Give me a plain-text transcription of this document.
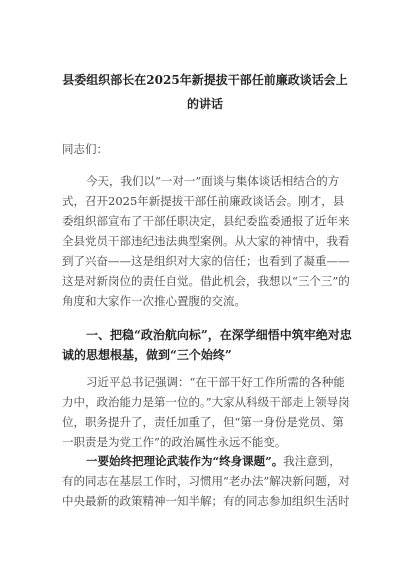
县委组织部长在2025年新提拔干部任前廉政谈话会上的讲话

同志们：

今天，我们以“一对一”面谈与集体谈话相结合的方式，召开2025年新提拔干部任前廉政谈话会。刚才，县委组织部宣布了干部任职决定，县纪委监委通报了近年来全县党员干部违纪违法典型案例。从大家的神情中，我看到了兴奋——这是组织对大家的信任；也看到了凝重——这是对新岗位的责任自觉。借此机会，我想以“三个三”的角度和大家作一次推心置腹的交流。

一、把稳“政治航向标”，在深学细悟中筑牢绝对忠诚的思想根基，做到“三个始终”

习近平总书记强调：“在干部干好工作所需的各种能力中，政治能力是第一位的。”大家从科级干部走上领导岗位，职务提升了，责任加重了，但“第一身份是党员、第一职责是为党工作”的政治属性永远不能变。

一要始终把理论武装作为“终身课题”。我注意到，有的同志在基层工作时，习惯用“老办法”解决新问题，对中央最新的政策精神一知半解；有的同志参加组织生活时
